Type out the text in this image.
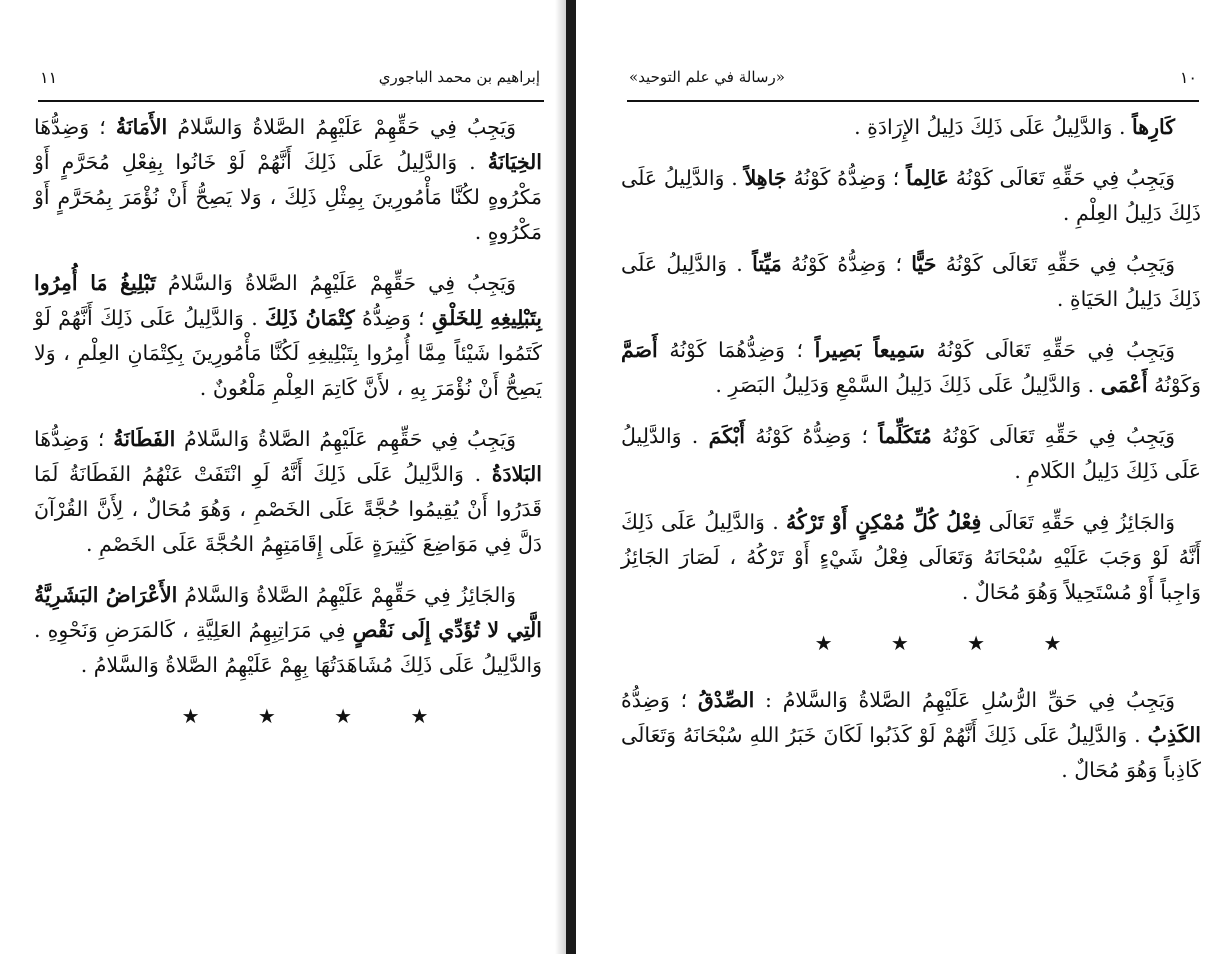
١١	إبراهيم بن محمد الباجوري

وَيَجِبُ فِي حَقِّهِمْ عَلَيْهِمُ الصَّلاةُ وَالسَّلامُ الأَمَانَةُ ؛ وَضِدُّهَا الخِيَانَةُ . وَالدَّلِيلُ عَلَى ذَلِكَ أَنَّهُمْ لَوْ خَانُوا بِفِعْلِ مُحَرَّمٍ أَوْ مَكْرُوهٍ لكُنَّا مَأْمُورِينَ بِمِثْلِ ذَلِكَ ، وَلا يَصِحُّ أَنْ نُؤْمَرَ بِمُحَرَّمٍ أَوْ مَكْرُوهٍ .

وَيَجِبُ فِي حَقِّهِمْ عَلَيْهِمُ الصَّلاةُ وَالسَّلامُ تَبْلِيغُ مَا أُمِرُوا بِتَبْلِيغِهِ لِلخَلْقِ ؛ وَضِدُّهُ كِتْمَانُ ذَلِكَ . وَالدَّلِيلُ عَلَى ذَلِكَ أَنَّهُمْ لَوْ كَتَمُوا شَيْئاً مِمَّا أُمِرُوا بِتَبْلِيغِهِ لَكُنَّا مَأْمُورِينَ بِكِتْمَانِ العِلْمِ ، وَلا يَصِحُّ أَنْ نُؤْمَرَ بِهِ ، لأَنَّ كَاتِمَ العِلْمِ مَلْعُونٌ .

وَيَجِبُ فِي حَقِّهِم عَلَيْهِمُ الصَّلاةُ وَالسَّلامُ الفَطَانَةُ ؛ وَضِدُّهَا البَلادَةُ . وَالدَّلِيلُ عَلَى ذَلِكَ أَنَّهُ لَوِ انْتَفَتْ عَنْهُمُ الفَطَانَةُ لَمَا قَدَرُوا أَنْ يُقِيمُوا حُجَّةً عَلَى الخَصْمِ ، وَهُوَ مُحَالٌ ، لِأَنَّ القُرْآنَ دَلَّ فِي مَوَاضِعَ كَثِيرَةٍ عَلَى إِقَامَتِهِمُ الحُجَّةَ عَلَى الخَصْمِ .

وَالجَائِزُ فِي حَقِّهِمْ عَلَيْهِمُ الصَّلاةُ وَالسَّلامُ الأَعْرَاضُ البَشَرِيَّةُ الَّتِي لا تُؤَدِّي إِلَى نَقْصٍ فِي مَرَاتِبِهِمُ العَلِيَّةِ ، كَالمَرَضِ وَنَحْوِهِ . وَالدَّلِيلُ عَلَى ذَلِكَ مُشَاهَدَتُهَا بِهِمْ عَلَيْهِمُ الصَّلاةُ وَالسَّلامُ .

★ ★ ★ ★
«رسالة في علم التوحيد»	١٠

كَارِهاً . وَالدَّلِيلُ عَلَى ذَلِكَ دَلِيلُ الإِرَادَةِ .

وَيَجِبُ فِي حَقِّهِ تَعَالَى كَوْنُهُ عَالِماً ؛ وَضِدُّهُ كَوْنُهُ جَاهِلاً . وَالدَّلِيلُ عَلَى ذَلِكَ دَلِيلُ العِلْمِ .

وَيَجِبُ فِي حَقِّهِ تَعَالَى كَوْنُهُ حَيًّا ؛ وَضِدُّهُ كَوْنُهُ مَيِّتاً . وَالدَّلِيلُ عَلَى ذَلِكَ دَلِيلُ الحَيَاةِ .

وَيَجِبُ فِي حَقِّهِ تَعَالَى كَوْنُهُ سَمِيعاً بَصِيراً ؛ وَضِدُّهُمَا كَوْنُهُ أَصَمَّ وَكَوْنُهُ أَعْمَى . وَالدَّلِيلُ عَلَى ذَلِكَ دَلِيلُ السَّمْعِ وَدَلِيلُ البَصَرِ .

وَيَجِبُ فِي حَقِّهِ تَعَالَى كَوْنُهُ مُتَكَلِّماً ؛ وَضِدُّهُ كَوْنُهُ أَبْكَمَ . وَالدَّلِيلُ عَلَى ذَلِكَ دَلِيلُ الكَلامِ .

وَالجَائِزُ فِي حَقِّهِ تَعَالَى فِعْلُ كُلِّ مُمْكِنٍ أَوْ تَرْكُهُ . وَالدَّلِيلُ عَلَى ذَلِكَ أَنَّهُ لَوْ وَجَبَ عَلَيْهِ سُبْحَانَهُ وَتَعَالَى فِعْلُ شَيْءٍ أَوْ تَرْكُهُ ، لَصَارَ الجَائِزُ وَاجِباً أَوْ مُسْتَحِيلاً وَهُوَ مُحَالٌ .

★ ★ ★ ★

وَيَجِبُ فِي حَقِّ الرُّسُلِ عَلَيْهِمُ الصَّلاةُ وَالسَّلامُ : الصِّدْقُ ؛ وَضِدُّهُ الكَذِبُ . وَالدَّلِيلُ عَلَى ذَلِكَ أَنَّهُمْ لَوْ كَذَبُوا لَكَانَ خَبَرُ اللهِ سُبْحَانَهُ وَتَعَالَى كَاذِباً وَهُوَ مُحَالٌ .
